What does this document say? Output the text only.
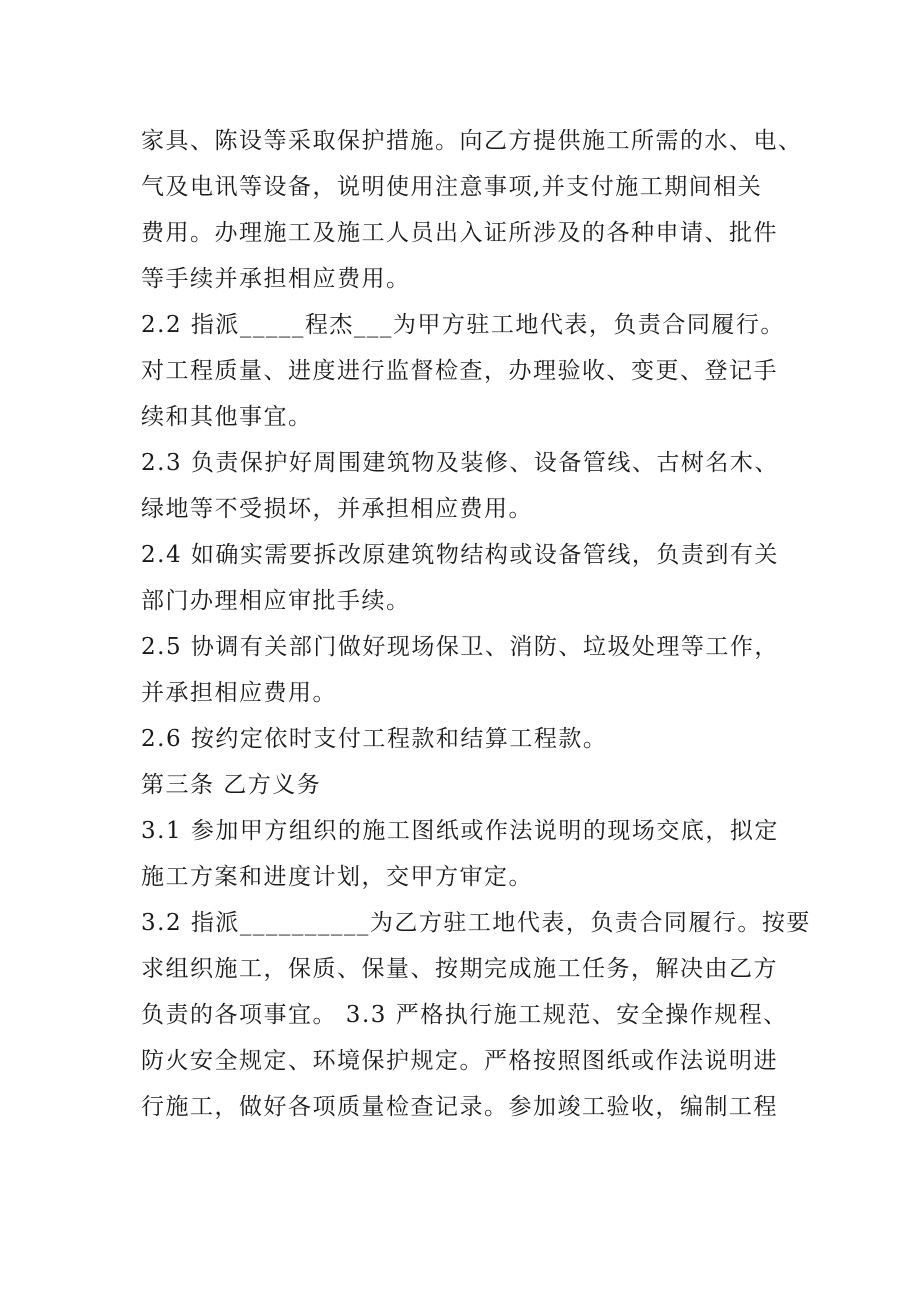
家具、陈设等采取保护措施。向乙方提供施工所需的水、电、
气及电讯等设备，说明使用注意事项,并支付施工期间相关
费用。办理施工及施工人员出入证所涉及的各种申请、批件
等手续并承担相应费用。
2.2 指派_____程杰___为甲方驻工地代表，负责合同履行。
对工程质量、进度进行监督检查，办理验收、变更、登记手
续和其他事宜。
2.3 负责保护好周围建筑物及装修、设备管线、古树名木、
绿地等不受损坏，并承担相应费用。
2.4 如确实需要拆改原建筑物结构或设备管线，负责到有关
部门办理相应审批手续。
2.5 协调有关部门做好现场保卫、消防、垃圾处理等工作，
并承担相应费用。
2.6 按约定依时支付工程款和结算工程款。
第三条 乙方义务
3.1 参加甲方组织的施工图纸或作法说明的现场交底，拟定
施工方案和进度计划，交甲方审定。
3.2 指派__________为乙方驻工地代表，负责合同履行。按要
求组织施工，保质、保量、按期完成施工任务，解决由乙方
负责的各项事宜。 3.3 严格执行施工规范、安全操作规程、
防火安全规定、环境保护规定。严格按照图纸或作法说明进
行施工，做好各项质量检查记录。参加竣工验收，编制工程
